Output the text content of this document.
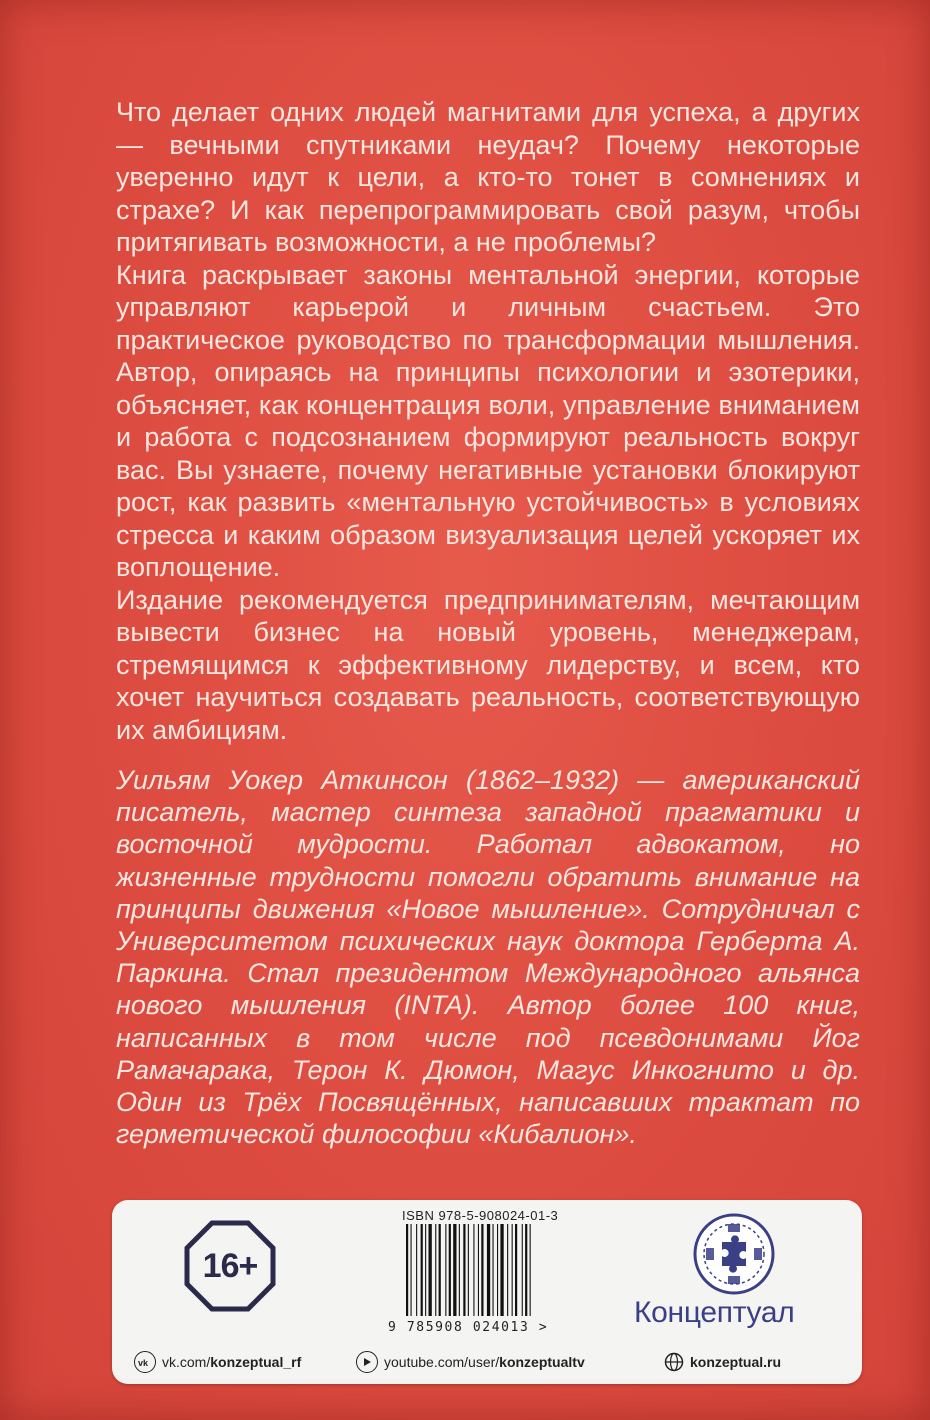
Что делает одних людей магнитами для успеха, а других — вечными спутниками неудач? Почему некоторые уверенно идут к цели, а кто-то тонет в сомнениях и страхе? И как перепрограммировать свой разум, чтобы притягивать возможности, а не проблемы?

Книга раскрывает законы ментальной энергии, которые управляют карьерой и личным счастьем. Это практическое руководство по трансформации мышления. Автор, опираясь на принципы психологии и эзотерики, объясняет, как концентрация воли, управление вниманием и работа с подсознанием формируют реальность вокруг вас. Вы узнаете, почему негативные установки блокируют рост, как развить «ментальную устойчивость» в условиях стресса и каким образом визуализация целей ускоряет их воплощение.

Издание рекомендуется предпринимателям, мечтающим вывести бизнес на новый уровень, менеджерам, стремящимся к эффективному лидерству, и всем, кто хочет научиться создавать реальность, соответствующую их амбициям.

Уильям Уокер Аткинсон (1862–1932) — американский писатель, мастер синтеза западной прагматики и восточной мудрости. Работал адвокатом, но жизненные трудности помогли обратить внимание на принципы движения «Новое мышление». Сотрудничал с Университетом психических наук доктора Герберта А. Паркина. Стал президентом Международного альянса нового мышления (INTA). Автор более 100 книг, написанных в том числе под псевдонимами Йог Рамачарака, Терон К. Дюмон, Магус Инкогнито и др. Один из Трёх Посвящённых, написавших трактат по герметической философии «Кибалион».

16+
ISBN 978-5-908024-01-3
9 785908 024013 >	Концептуал
vk vk.com/ konzeptual_rf	youtube.com/user/ konzeptualtv	konzeptual.ru
